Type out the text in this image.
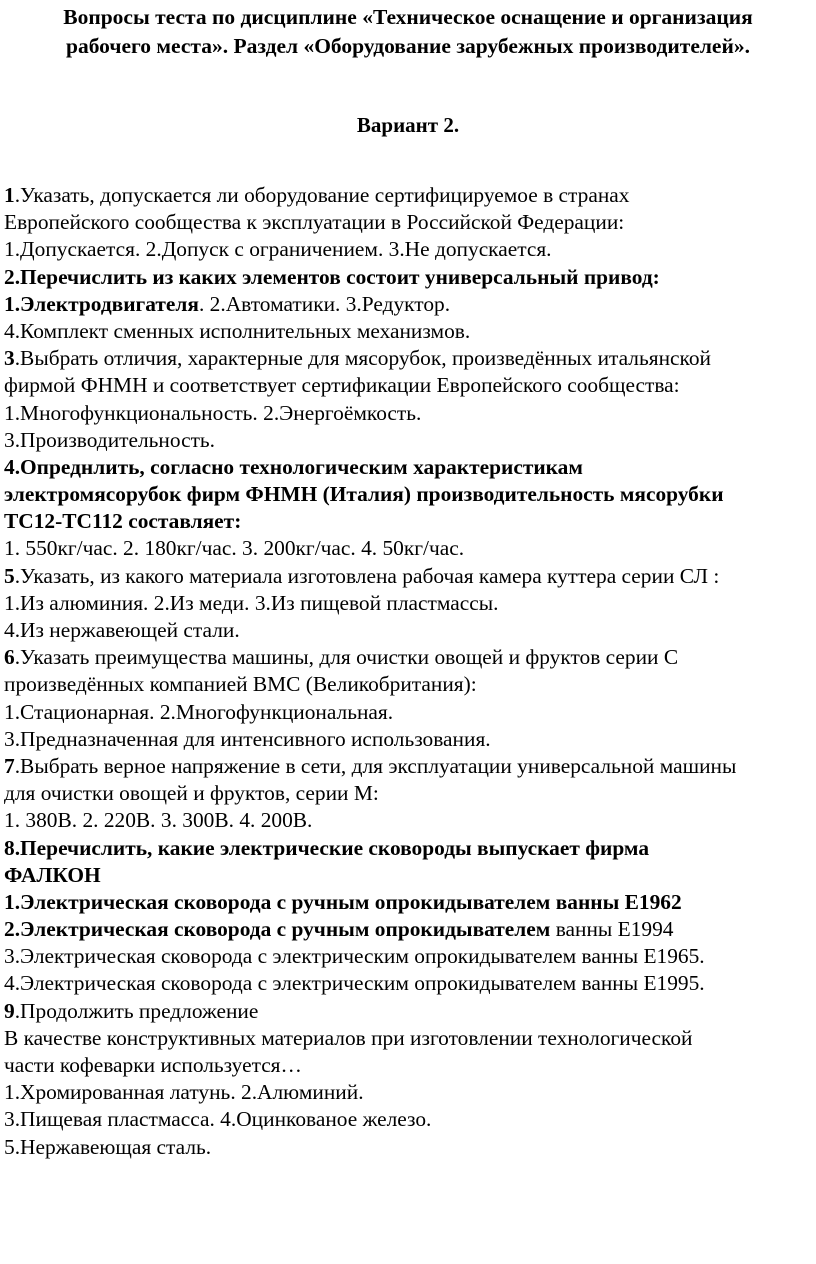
Вопросы теста по дисциплине «Техническое оснащение и организация
рабочего места». Раздел «Оборудование зарубежных производителей».
Вариант 2.
1.Указать, допускается ли оборудование сертифицируемое в странах
Европейского сообщества к эксплуатации в Российской Федерации:
1.Допускается. 2.Допуск с ограничением. 3.Не допускается.
2.Перечислить из каких элементов состоит универсальный привод:
1.Электродвигателя. 2.Автоматики. 3.Редуктор.
4.Комплект сменных исполнительных механизмов.
3.Выбрать отличия, характерные для мясорубок, произведённых итальянской
фирмой ФНМН и соответствует сертификации Европейского сообщества:
1.Многофункциональность. 2.Энергоёмкость.
3.Производительность.
4.Опреднлить, согласно технологическим характеристикам
электромясорубок фирм ФНМН (Италия) производительность мясорубки
ТС12-ТС112 составляет:
1. 550кг/час. 2. 180кг/час. 3. 200кг/час. 4. 50кг/час.
5.Указать, из какого материала изготовлена рабочая камера куттера серии СЛ :
1.Из алюминия. 2.Из меди. 3.Из пищевой пластмассы.
4.Из нержавеющей стали.
6.Указать преимущества машины, для очистки овощей и фруктов серии С
произведённых компанией ВМС (Великобритания):
1.Стационарная. 2.Многофункциональная.
3.Предназначенная для интенсивного использования.
7.Выбрать верное напряжение в сети, для эксплуатации универсальной машины
для очистки овощей и фруктов, серии М:
1. 380В. 2. 220В. 3. 300В. 4. 200В.
8.Перечислить, какие электрические сковороды выпускает фирма
ФАЛКОН
1.Электрическая сковорода с ручным опрокидывателем ванны Е1962
2.Электрическая сковорода с ручным опрокидывателем ванны Е1994
3.Электрическая сковорода с электрическим опрокидывателем ванны Е1965.
4.Электрическая сковорода с электрическим опрокидывателем ванны Е1995.
9.Продолжить предложение
В качестве конструктивных материалов при изготовлении технологической
части кофеварки используется…
1.Хромированная латунь. 2.Алюминий.
3.Пищевая пластмасса. 4.Оцинкованое железо.
5.Нержавеющая сталь.
